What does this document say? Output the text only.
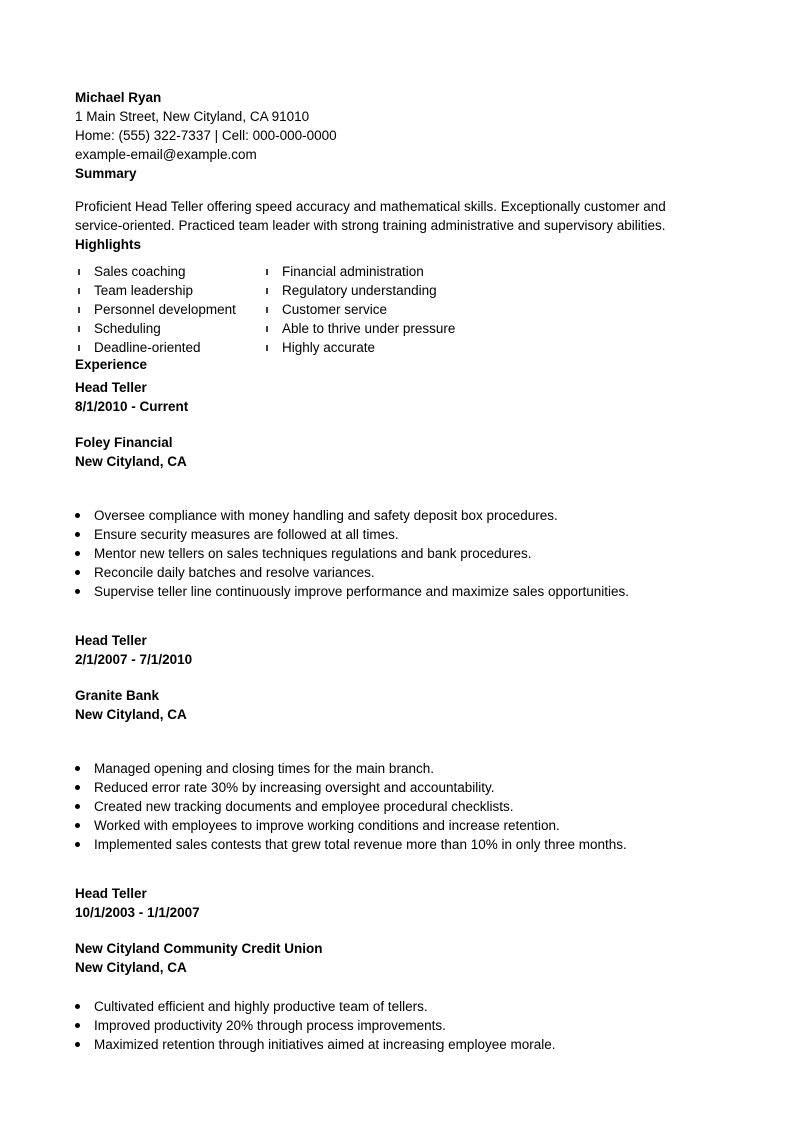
Michael Ryan
1 Main Street, New Cityland, CA 91010
Home: (555) 322-7337 | Cell: 000-000-0000
example-email@example.com
Summary
Proficient Head Teller offering speed accuracy and mathematical skills. Exceptionally customer and service-oriented. Practiced team leader with strong training administrative and supervisory abilities.
Highlights
Sales coaching
Team leadership
Personnel development
Scheduling
Deadline-oriented
Financial administration
Regulatory understanding
Customer service
Able to thrive under pressure
Highly accurate
Experience
Head Teller
8/1/2010 - Current
Foley Financial
New Cityland, CA
Oversee compliance with money handling and safety deposit box procedures.
Ensure security measures are followed at all times.
Mentor new tellers on sales techniques regulations and bank procedures.
Reconcile daily batches and resolve variances.
Supervise teller line continuously improve performance and maximize sales opportunities.
Head Teller
2/1/2007 - 7/1/2010
Granite Bank
New Cityland, CA
Managed opening and closing times for the main branch.
Reduced error rate 30% by increasing oversight and accountability.
Created new tracking documents and employee procedural checklists.
Worked with employees to improve working conditions and increase retention.
Implemented sales contests that grew total revenue more than 10% in only three months.
Head Teller
10/1/2003 - 1/1/2007
New Cityland Community Credit Union
New Cityland, CA
Cultivated efficient and highly productive team of tellers.
Improved productivity 20% through process improvements.
Maximized retention through initiatives aimed at increasing employee morale.
